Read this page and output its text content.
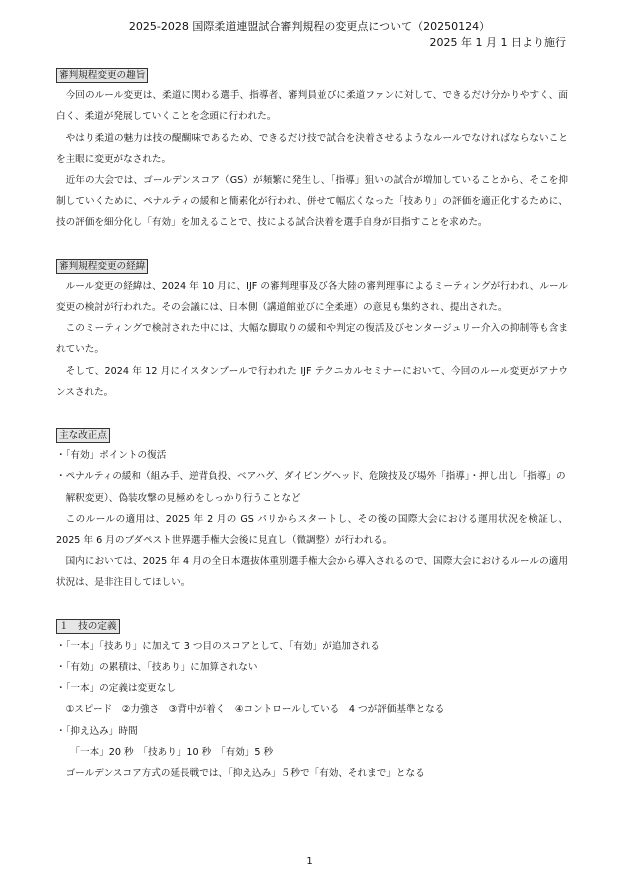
2025-2028 国際柔道連盟試合審判規程の変更点について（20250124）
2025 年 1 月 1 日より施行
審判規程変更の趣旨

今回のルール変更は、柔道に関わる選手、指導者、審判員並びに柔道ファンに対して、できるだけ分かりやすく、面白く、柔道が発展していくことを念頭に行われた。

やはり柔道の魅力は技の醍醐味であるため、できるだけ技で試合を決着させるようなルールでなければならないことを主眼に変更がなされた。

近年の大会では、ゴールデンスコア（GS）が頻繁に発生し、「指導」狙いの試合が増加していることから、そこを抑制していくために、ペナルティの緩和と簡素化が行われ、併せて幅広くなった「技あり」の評価を適正化するために、技の評価を細分化し「有効」を加えることで、技による試合決着を選手自身が目指すことを求めた。

審判規程変更の経緯

ルール変更の経緯は、2024 年 10 月に、IJF の審判理事及び各大陸の審判理事によるミーティングが行われ、ルール変更の検討が行われた。その会議には、日本側（講道館並びに全柔連）の意見も集約され、提出された。

このミーティングで検討された中には、大幅な脚取りの緩和や判定の復活及びセンタージュリー介入の抑制等も含まれていた。

そして、2024 年 12 月にイスタンブールで行われた IJF テクニカルセミナーにおいて、今回のルール変更がアナウンスされた。

主な改正点

・「有効」ポイントの復活

・ペナルティの緩和（組み手、逆背負投、ベアハグ、ダイビングヘッド、危険技及び場外「指導」・押し出し「指導」の解釈変更）、偽装攻撃の見極めをしっかり行うことなど

このルールの適用は、2025 年 2 月の GS パリからスタートし、その後の国際大会における運用状況を検証し、2025 年 6 月のブダペスト世界選手権大会後に見直し（微調整）が行われる。

国内においては、2025 年 4 月の全日本選抜体重別選手権大会から導入されるので、国際大会におけるルールの適用状況は、是非注目してほしい。

１　技の定義

・「一本」「技あり」に加えて 3 つ目のスコアとして、「有効」が追加される

・「有効」の累積は、「技あり」に加算されない

・「一本」の定義は変更なし

①スピード　②力強さ　③背中が着く　④コントロールしている　4 つが評価基準となる

・「抑え込み」時間

「一本」20 秒　「技あり」10 秒　「有効」5 秒

ゴールデンスコア方式の延長戦では、「抑え込み」５秒で「有効、それまで」となる

1
